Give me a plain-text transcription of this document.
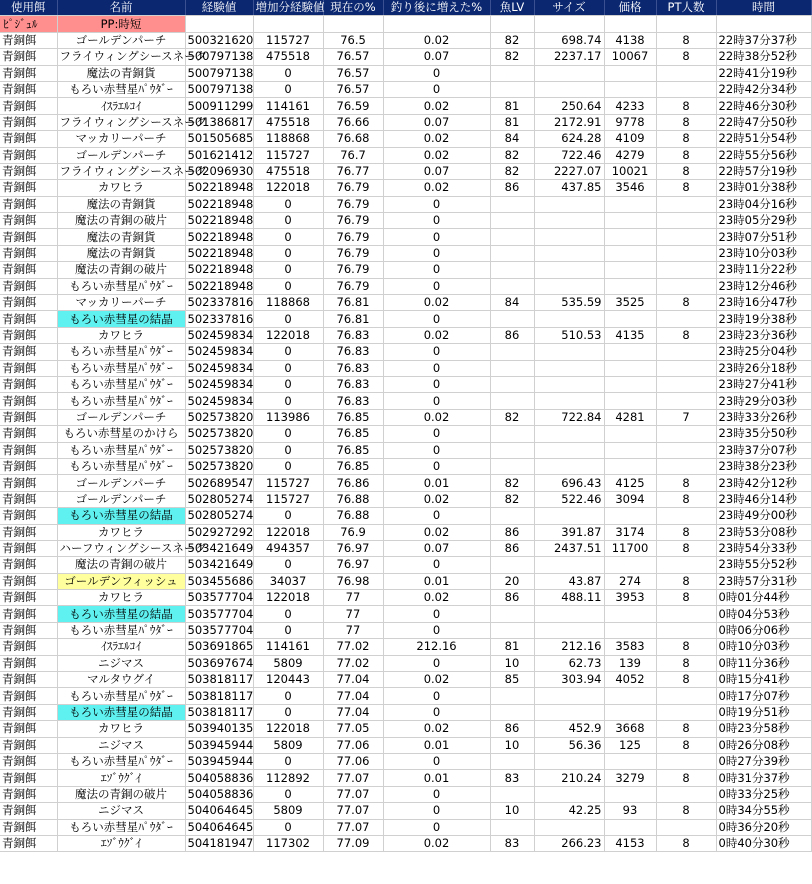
使用餌	名前	経験値	増加分経験値	現在の%	釣り後に増えた%	魚LV	サイズ	価格	PT人数	時間
ﾋﾟｼﾞｭﾙ	PP:時短									
青銅餌	ゴールデンパーチ	500321620	115727	76.5	0.02	82	698.74	4138	8	22時37分37秒
青銅餌	フライウィングシースネーク	500797138	475518	76.57	0.07	82	2237.17	10067	8	22時38分52秒
青銅餌	魔法の青銅貨	500797138	0	76.57	0					22時41分19秒
青銅餌	もろい赤彗星ﾊﾟｳﾀﾞｰ	500797138	0	76.57	0					22時42分34秒
青銅餌	ｲｽﾗｴﾙｺｲ	500911299	114161	76.59	0.02	81	250.64	4233	8	22時46分30秒
青銅餌	フライウィングシースネーク	501386817	475518	76.66	0.07	81	2172.91	9778	8	22時47分50秒
青銅餌	マッカリーパーチ	501505685	118868	76.68	0.02	84	624.28	4109	8	22時51分54秒
青銅餌	ゴールデンパーチ	501621412	115727	76.7	0.02	82	722.46	4279	8	22時55分56秒
青銅餌	フライウィングシースネーク	502096930	475518	76.77	0.07	82	2227.07	10021	8	22時57分19秒
青銅餌	カワヒラ	502218948	122018	76.79	0.02	86	437.85	3546	8	23時01分38秒
青銅餌	魔法の青銅貨	502218948	0	76.79	0					23時04分16秒
青銅餌	魔法の青銅の破片	502218948	0	76.79	0					23時05分29秒
青銅餌	魔法の青銅貨	502218948	0	76.79	0					23時07分51秒
青銅餌	魔法の青銅貨	502218948	0	76.79	0					23時10分03秒
青銅餌	魔法の青銅の破片	502218948	0	76.79	0					23時11分22秒
青銅餌	もろい赤彗星ﾊﾟｳﾀﾞｰ	502218948	0	76.79	0					23時12分46秒
青銅餌	マッカリーパーチ	502337816	118868	76.81	0.02	84	535.59	3525	8	23時16分47秒
青銅餌	もろい赤彗星の結晶	502337816	0	76.81	0					23時19分38秒
青銅餌	カワヒラ	502459834	122018	76.83	0.02	86	510.53	4135	8	23時23分36秒
青銅餌	もろい赤彗星ﾊﾟｳﾀﾞｰ	502459834	0	76.83	0					23時25分04秒
青銅餌	もろい赤彗星ﾊﾟｳﾀﾞｰ	502459834	0	76.83	0					23時26分18秒
青銅餌	もろい赤彗星ﾊﾟｳﾀﾞｰ	502459834	0	76.83	0					23時27分41秒
青銅餌	もろい赤彗星ﾊﾟｳﾀﾞｰ	502459834	0	76.83	0					23時29分03秒
青銅餌	ゴールデンパーチ	502573820	113986	76.85	0.02	82	722.84	4281	7	23時33分26秒
青銅餌	もろい赤彗星のかけら	502573820	0	76.85	0					23時35分50秒
青銅餌	もろい赤彗星ﾊﾟｳﾀﾞｰ	502573820	0	76.85	0					23時37分07秒
青銅餌	もろい赤彗星ﾊﾟｳﾀﾞｰ	502573820	0	76.85	0					23時38分23秒
青銅餌	ゴールデンパーチ	502689547	115727	76.86	0.01	82	696.43	4125	8	23時42分12秒
青銅餌	ゴールデンパーチ	502805274	115727	76.88	0.02	82	522.46	3094	8	23時46分14秒
青銅餌	もろい赤彗星の結晶	502805274	0	76.88	0					23時49分00秒
青銅餌	カワヒラ	502927292	122018	76.9	0.02	86	391.87	3174	8	23時53分08秒
青銅餌	ハーフウィングシースネーク	503421649	494357	76.97	0.07	86	2437.51	11700	8	23時54分33秒
青銅餌	魔法の青銅の破片	503421649	0	76.97	0					23時55分52秒
青銅餌	ゴールデンフィッシュ	503455686	34037	76.98	0.01	20	43.87	274	8	23時57分31秒
青銅餌	カワヒラ	503577704	122018	77	0.02	86	488.11	3953	8	0時01分44秒
青銅餌	もろい赤彗星の結晶	503577704	0	77	0					0時04分53秒
青銅餌	もろい赤彗星ﾊﾟｳﾀﾞｰ	503577704	0	77	0					0時06分06秒
青銅餌	ｲｽﾗｴﾙｺｲ	503691865	114161	77.02	212.16	81	212.16	3583	8	0時10分03秒
青銅餌	ニジマス	503697674	5809	77.02	0	10	62.73	139	8	0時11分36秒
青銅餌	マルタウグイ	503818117	120443	77.04	0.02	85	303.94	4052	8	0時15分41秒
青銅餌	もろい赤彗星ﾊﾟｳﾀﾞｰ	503818117	0	77.04	0					0時17分07秒
青銅餌	もろい赤彗星の結晶	503818117	0	77.04	0					0時19分51秒
青銅餌	カワヒラ	503940135	122018	77.05	0.02	86	452.9	3668	8	0時23分58秒
青銅餌	ニジマス	503945944	5809	77.06	0.01	10	56.36	125	8	0時26分08秒
青銅餌	もろい赤彗星ﾊﾟｳﾀﾞｰ	503945944	0	77.06	0					0時27分39秒
青銅餌	ｴｿﾞｳｸﾞｲ	504058836	112892	77.07	0.01	83	210.24	3279	8	0時31分37秒
青銅餌	魔法の青銅の破片	504058836	0	77.07	0					0時33分25秒
青銅餌	ニジマス	504064645	5809	77.07	0	10	42.25	93	8	0時34分55秒
青銅餌	もろい赤彗星ﾊﾟｳﾀﾞｰ	504064645	0	77.07	0					0時36分20秒
青銅餌	ｴｿﾞｳｸﾞｲ	504181947	117302	77.09	0.02	83	266.23	4153	8	0時40分30秒
